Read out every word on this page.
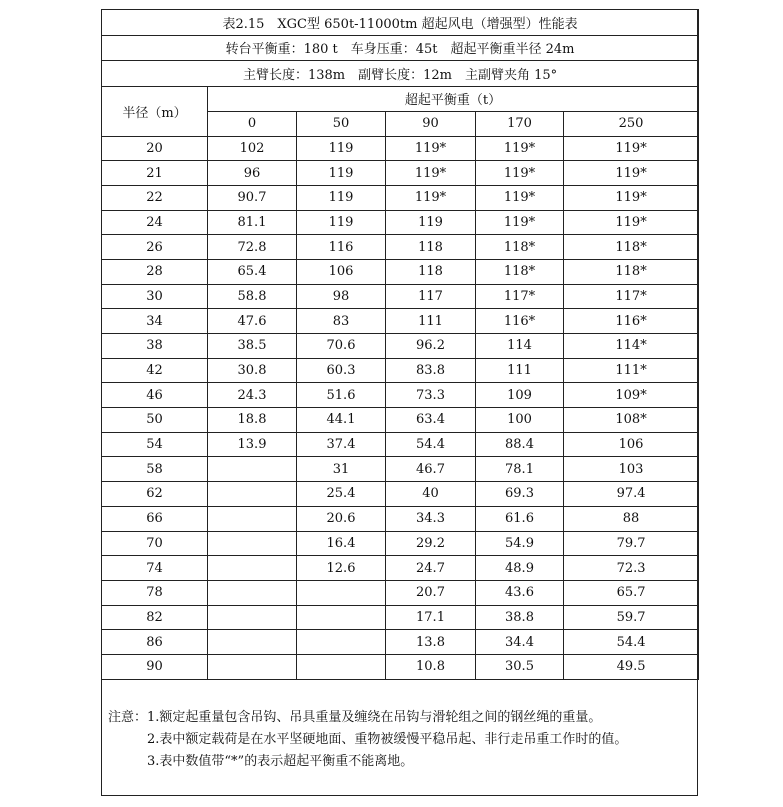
表2.15　XGC型 650t-11000tm 超起风电（增强型）性能表					
转台平衡重：180 t　车身压重：45t　超起平衡重半径 24m					
主臂长度：138m　副臂长度：12m　主副臂夹角 15°					
半径（m）	超起平衡重（t）				
	0	50	90	170	250
20	102	119	119*	119*	119*
21	96	119	119*	119*	119*
22	90.7	119	119*	119*	119*
24	81.1	119	119	119*	119*
26	72.8	116	118	118*	118*
28	65.4	106	118	118*	118*
30	58.8	98	117	117*	117*
34	47.6	83	111	116*	116*
38	38.5	70.6	96.2	114	114*
42	30.8	60.3	83.8	111	111*
46	24.3	51.6	73.3	109	109*
50	18.8	44.1	63.4	100	108*
54	13.9	37.4	54.4	88.4	106
58		31	46.7	78.1	103
62		25.4	40	69.3	97.4
66		20.6	34.3	61.6	88
70		16.4	29.2	54.9	79.7
74		12.6	24.7	48.9	72.3
78			20.7	43.6	65.7
82			17.1	38.8	59.7
86			13.8	34.4	54.4
90			10.8	30.5	49.5
注意：1.额定起重量包含吊钩、吊具重量及缠绕在吊钩与滑轮组之间的钢丝绳的重量。
2.表中额定载荷是在水平坚硬地面、重物被缓慢平稳吊起、非行走吊重工作时的值。
3.表中数值带“*”的表示超起平衡重不能离地。
